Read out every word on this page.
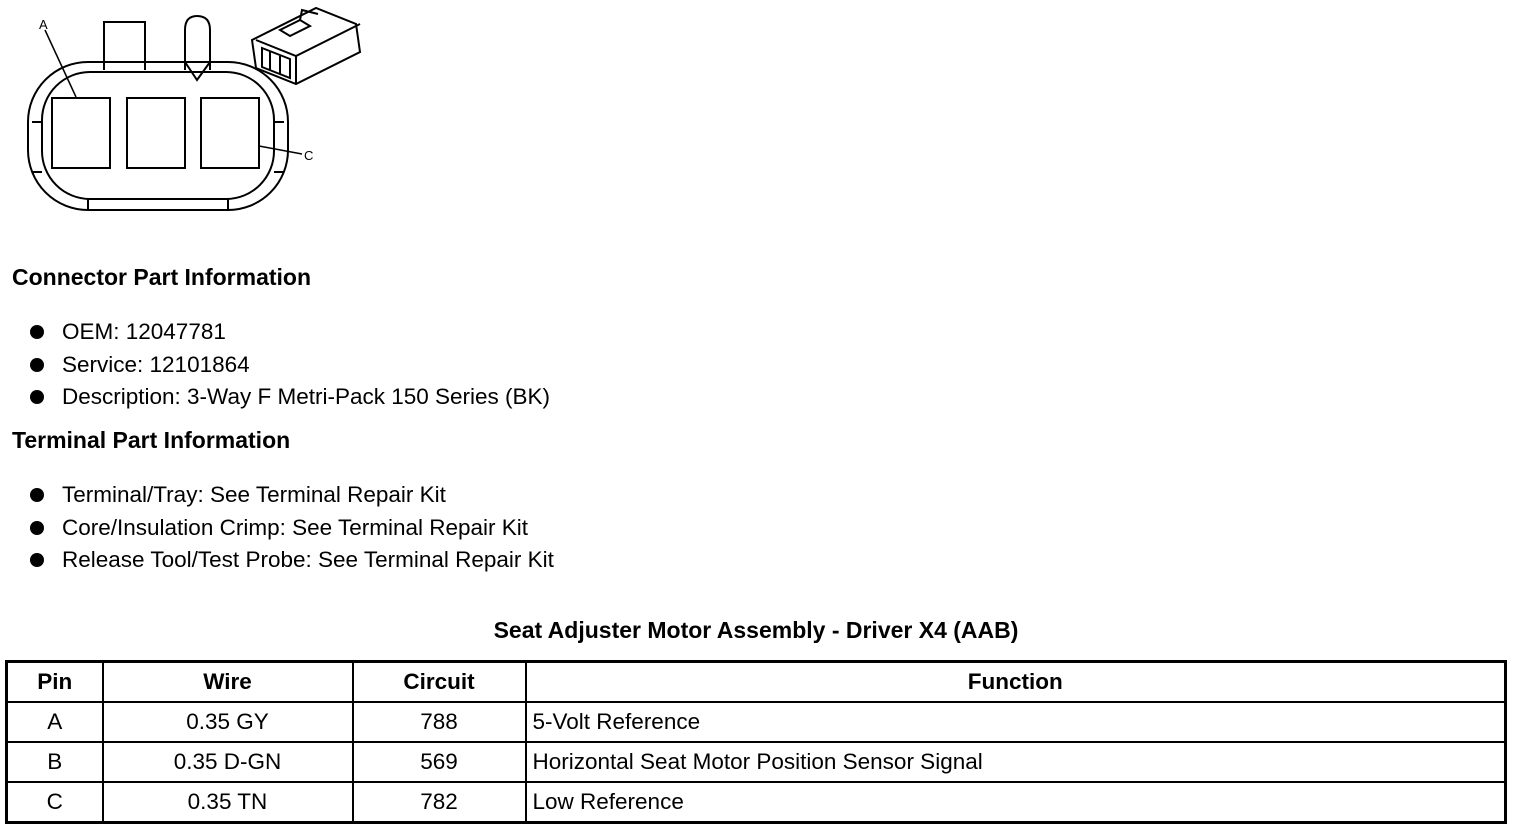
A
C
Connector Part Information
OEM: 12047781
Service: 12101864
Description: 3-Way F Metri-Pack 150 Series (BK)
Terminal Part Information
Terminal/Tray: See Terminal Repair Kit
Core/Insulation Crimp: See Terminal Repair Kit
Release Tool/Test Probe: See Terminal Repair Kit
Seat Adjuster Motor Assembly - Driver X4 (AAB)
Pin	Wire	Circuit	Function
A	0.35 GY	788	5-Volt Reference
B	0.35 D-GN	569	Horizontal Seat Motor Position Sensor Signal
C	0.35 TN	782	Low Reference
